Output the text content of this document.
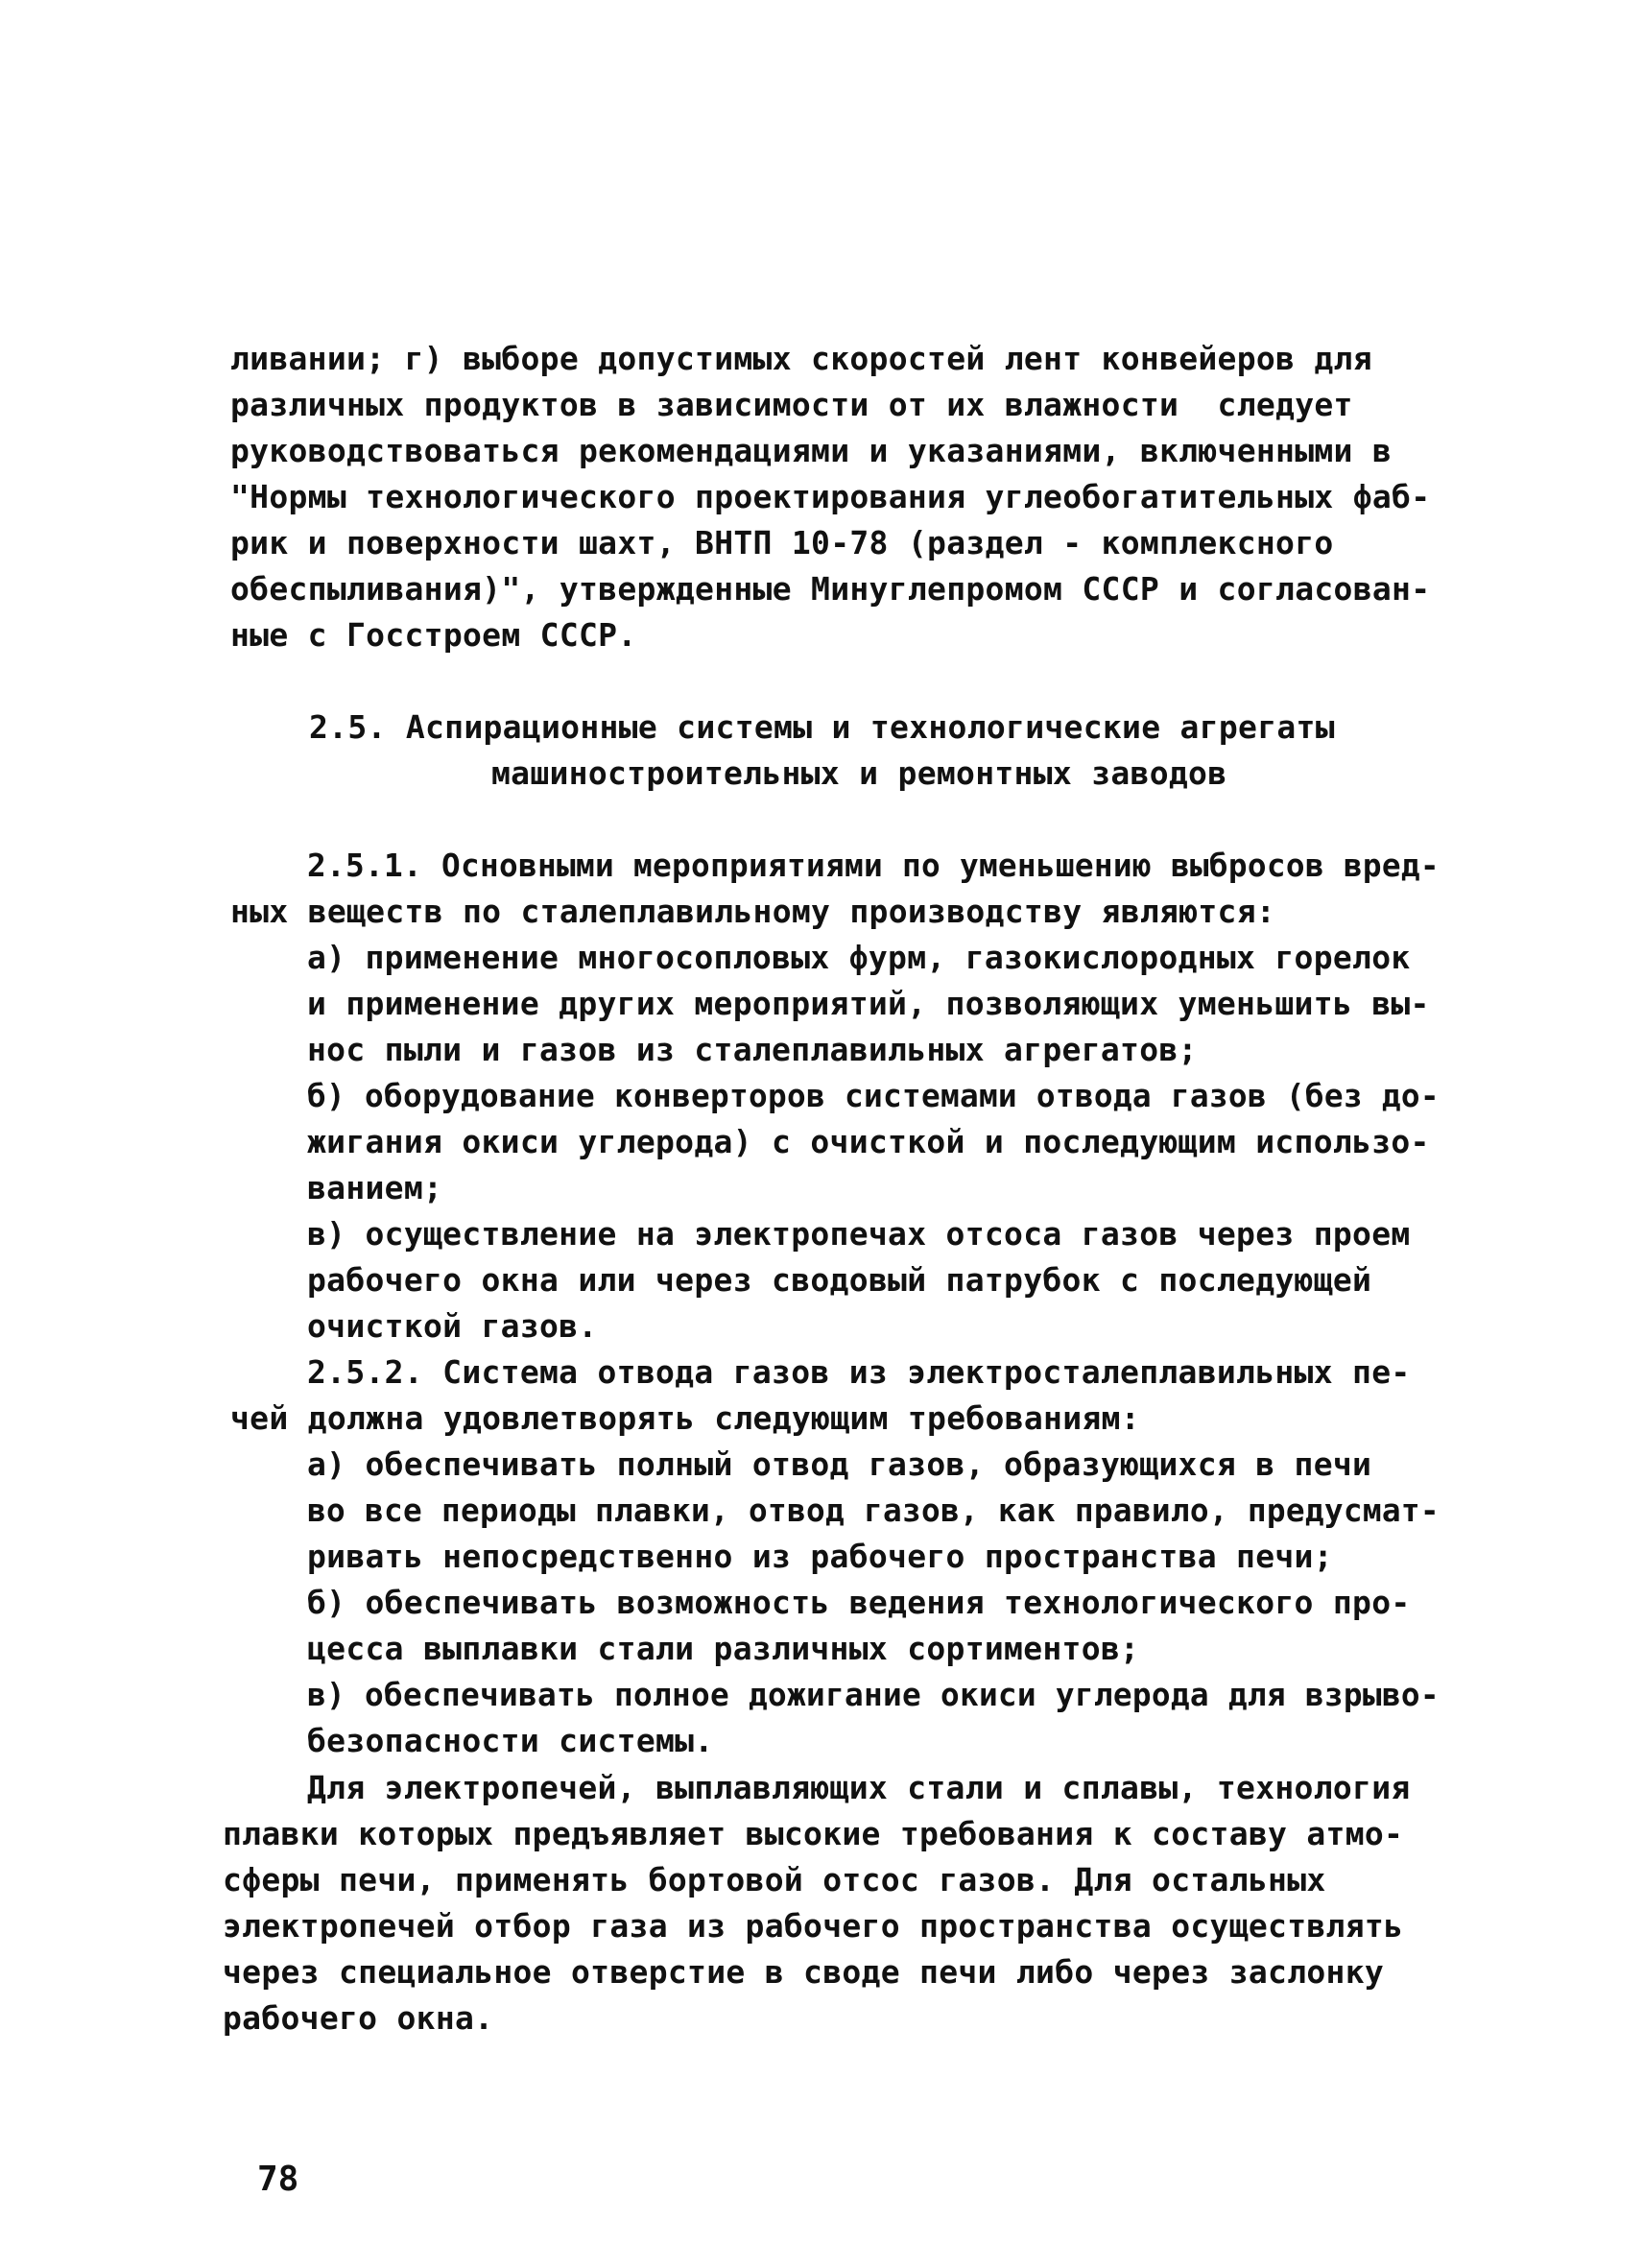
ливании; г) выборе допустимых скоростей лент конвейеров для
различных продуктов в зависимости от их влажности  следует
руководствоваться рекомендациями и указаниями, включенными в
"Нормы технологического проектирования углеобогатительных фаб-
рик и поверхности шахт, ВНТП 10-78 (раздел - комплексного
обеспыливания)", утвержденные Минуглепромом СССР и согласован-
ные с Госстроем СССР.
2.5. Аспирационные системы и технологические агрегаты
машиностроительных и ремонтных заводов
2.5.1. Основными мероприятиями по уменьшению выбросов вред-
ных веществ по сталеплавильному производству являются:
а) применение многосопловых фурм, газокислородных горелок
и применение других мероприятий, позволяющих уменьшить вы-
нос пыли и газов из сталеплавильных агрегатов;
б) оборудование конверторов системами отвода газов (без до-
жигания окиси углерода) с очисткой и последующим использо-
ванием;
в) осуществление на электропечах отсоса газов через проем
рабочего окна или через сводовый патрубок с последующей
очисткой газов.
2.5.2. Система отвода газов из электросталеплавильных пе-
чей должна удовлетворять следующим требованиям:
а) обеспечивать полный отвод газов, образующихся в печи
во все периоды плавки, отвод газов, как правило, предусмат-
ривать непосредственно из рабочего пространства печи;
б) обеспечивать возможность ведения технологического про-
цесса выплавки стали различных сортиментов;
в) обеспечивать полное дожигание окиси углерода для взрыво-
безопасности системы.
Для электропечей, выплавляющих стали и сплавы, технология
плавки которых предъявляет высокие требования к составу атмо-
сферы печи, применять бортовой отсос газов. Для остальных
электропечей отбор газа из рабочего пространства осуществлять
через специальное отверстие в своде печи либо через заслонку
рабочего окна.
78
